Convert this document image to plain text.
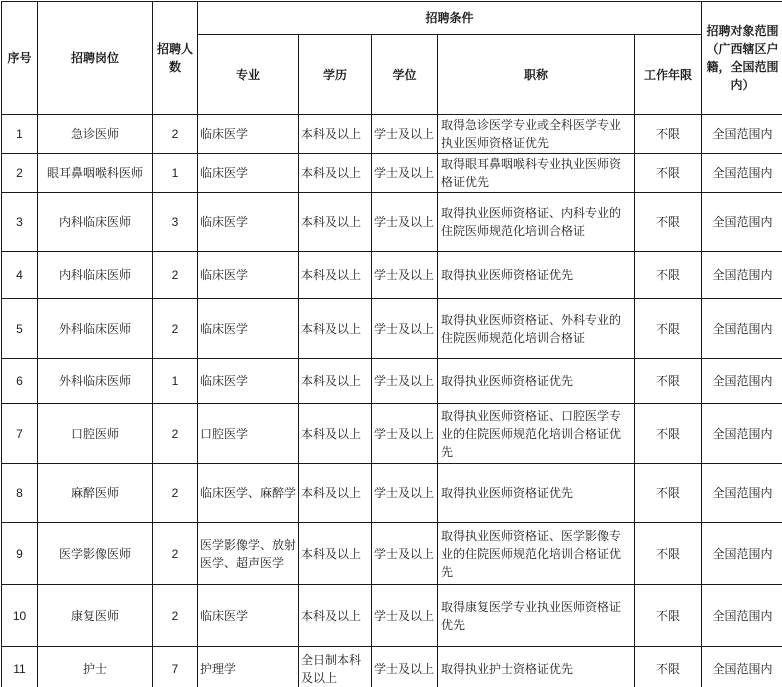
序号	招聘岗位	招聘人数	招聘条件					招聘对象范围（广西辖区户籍，全国范围内）
			专业	学历	学位	职称	工作年限	
1	急诊医师	2	临床医学	本科及以上	学士及以上	取得急诊医学专业或全科医学专业执业医师资格证优先	不限	全国范围内
2	眼耳鼻咽喉科医师	1	临床医学	本科及以上	学士及以上	取得眼耳鼻咽喉科专业执业医师资格证优先	不限	全国范围内
3	内科临床医师	3	临床医学	本科及以上	学士及以上	取得执业医师资格证、内科专业的住院医师规范化培训合格证	不限	全国范围内
4	内科临床医师	2	临床医学	本科及以上	学士及以上	取得执业医师资格证优先	不限	全国范围内
5	外科临床医师	2	临床医学	本科及以上	学士及以上	取得执业医师资格证、外科专业的住院医师规范化培训合格证	不限	全国范围内
6	外科临床医师	1	临床医学	本科及以上	学士及以上	取得执业医师资格证优先	不限	全国范围内
7	口腔医师	2	口腔医学	本科及以上	学士及以上	取得执业医师资格证、口腔医学专业的住院医师规范化培训合格证优先	不限	全国范围内
8	麻醉医师	2	临床医学、麻醉学	本科及以上	学士及以上	取得执业医师资格证优先	不限	全国范围内
9	医学影像医师	2	医学影像学、放射医学、超声医学	本科及以上	学士及以上	取得执业医师资格证、医学影像专业的住院医师规范化培训合格证优先	不限	全国范围内
10	康复医师	2	临床医学	本科及以上	学士及以上	取得康复医学专业执业医师资格证优先	不限	全国范围内
11	护士	7	护理学	全日制本科及以上	学士及以上	取得执业护士资格证优先	不限	全国范围内
